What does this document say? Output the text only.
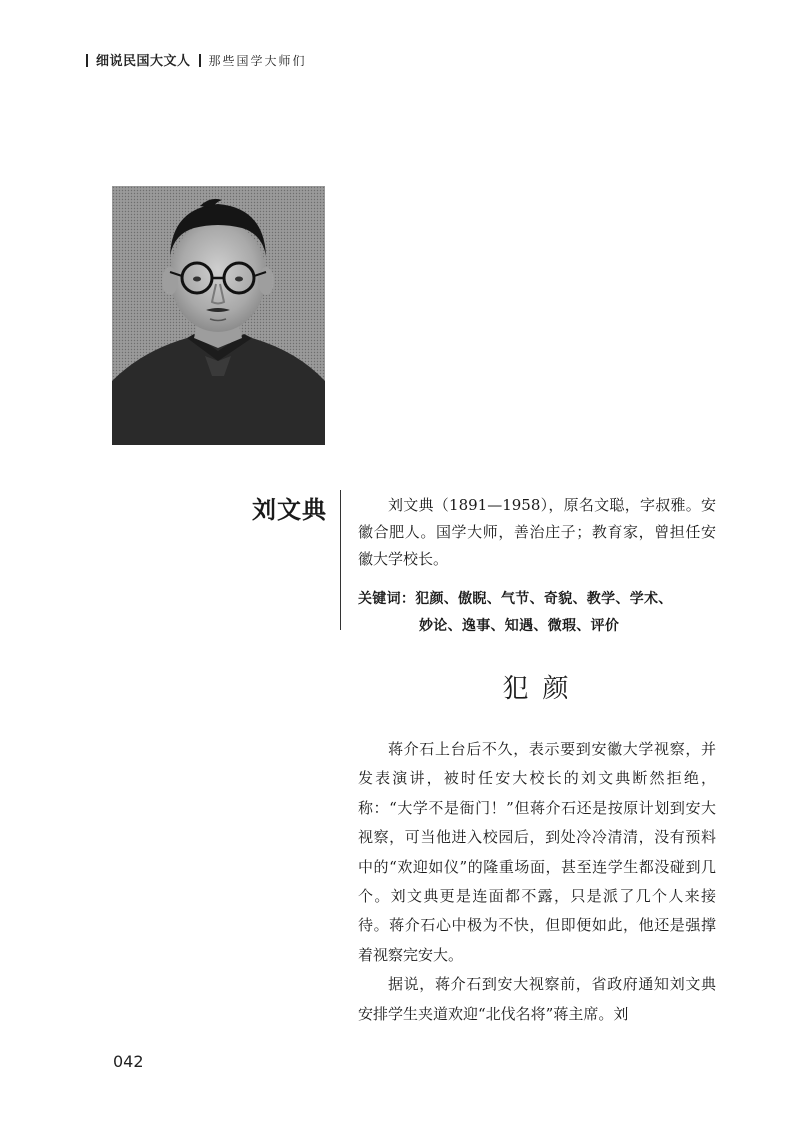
细说民国大文人 那些国学大师们
刘文典	刘文典（1891—1958），原名文聪，字叔雅。安徽合肥人。国学大师，善治庄子；教育家，曾担任安徽大学校长。

关键词：犯颜、傲睨、气节、奇貌、教学、学术、
妙论、逸事、知遇、微瑕、评价
犯颜

蒋介石上台后不久，表示要到安徽大学视察，并发表演讲，被时任安大校长的刘文典断然拒绝，称：“大学不是衙门！”但蒋介石还是按原计划到安大视察，可当他进入校园后，到处冷冷清清，没有预料中的“欢迎如仪”的隆重场面，甚至连学生都没碰到几个。刘文典更是连面都不露，只是派了几个人来接待。蒋介石心中极为不快，但即便如此，他还是强撑着视察完安大。

据说，蒋介石到安大视察前，省政府通知刘文典安排学生夹道欢迎“北伐名将”蒋主席。刘

042
